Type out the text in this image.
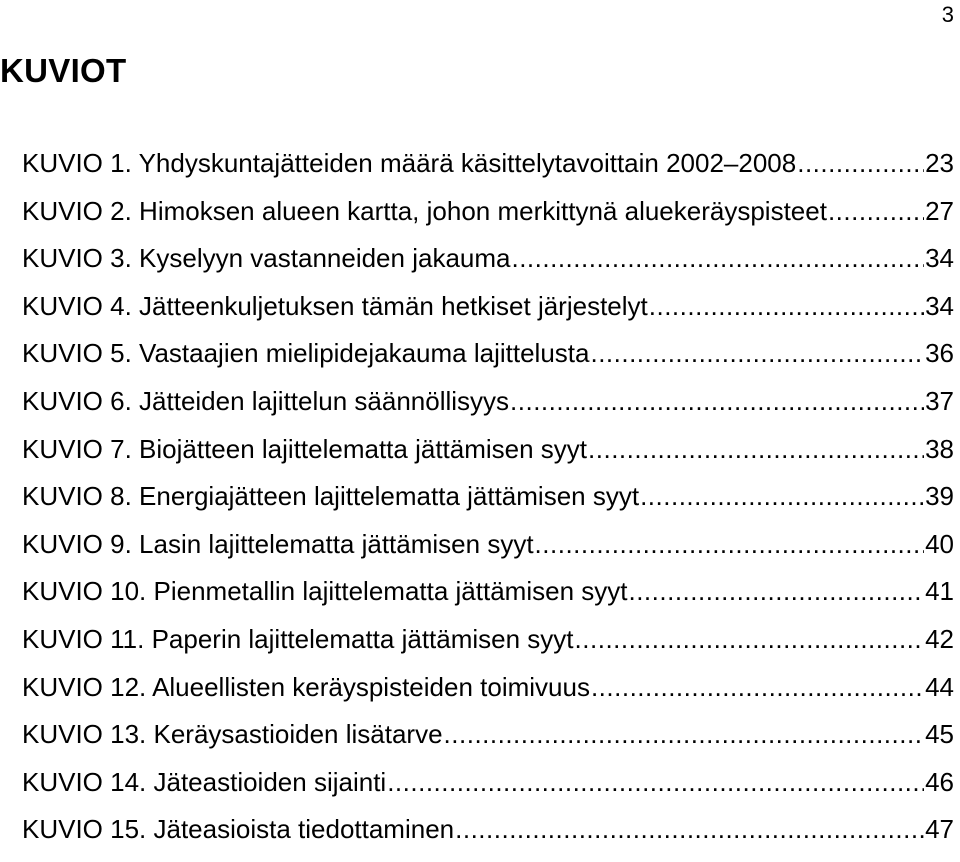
3
KUVIOT
KUVIO 1. Yhdyskuntajätteiden määrä käsittelytavoittain 2002–2008 .....	23
KUVIO 2. Himoksen alueen kartta, johon merkittynä aluekeräyspisteet .....	27
KUVIO 3. Kyselyyn vastanneiden jakauma .....	34
KUVIO 4. Jätteenkuljetuksen tämän hetkiset järjestelyt .....	34
KUVIO 5. Vastaajien mielipidejakauma lajittelusta .....	36
KUVIO 6. Jätteiden lajittelun säännöllisyys .....	37
KUVIO 7. Biojätteen lajittelematta jättämisen syyt .....	38
KUVIO 8. Energiajätteen lajittelematta jättämisen syyt .....	39
KUVIO 9. Lasin lajittelematta jättämisen syyt .....	40
KUVIO 10. Pienmetallin lajittelematta jättämisen syyt .....	41
KUVIO 11. Paperin lajittelematta jättämisen syyt .....	42
KUVIO 12. Alueellisten keräyspisteiden toimivuus .....	44
KUVIO 13. Keräysastioiden lisätarve .....	45
KUVIO 14. Jäteastioiden sijainti .....	46
KUVIO 15. Jäteasioista tiedottaminen .....	47
